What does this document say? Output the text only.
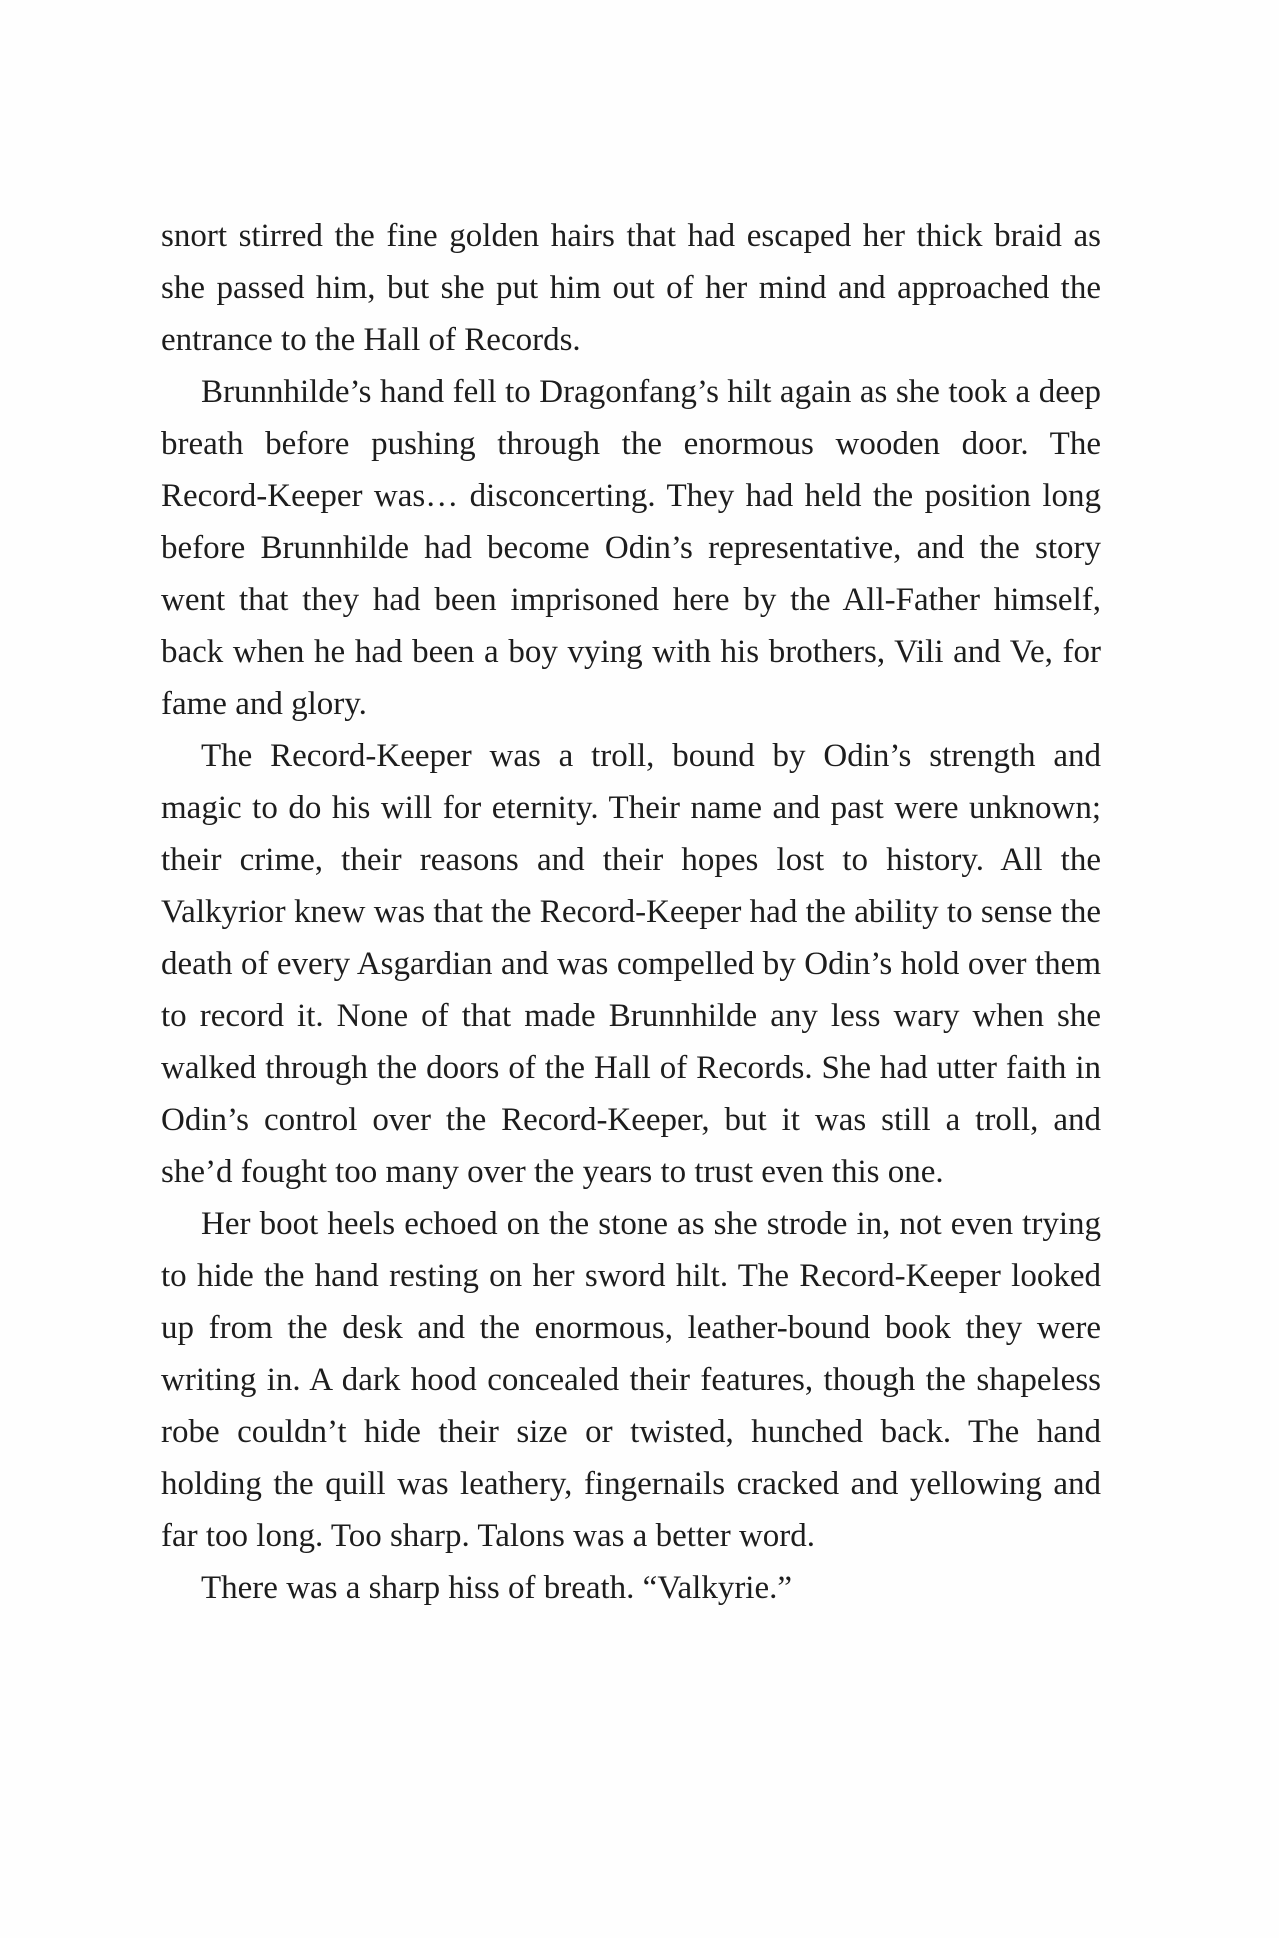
snort stirred the fine golden hairs that had escaped her thick braid as she passed him, but she put him out of her mind and approached the entrance to the Hall of Records.

Brunnhilde’s hand fell to Dragonfang’s hilt again as she took a deep breath before pushing through the enormous wooden door. The Record-Keeper was… disconcerting. They had held the position long before Brunnhilde had become Odin’s representative, and the story went that they had been imprisoned here by the All-Father himself, back when he had been a boy vying with his brothers, Vili and Ve, for fame and glory.

The Record-Keeper was a troll, bound by Odin’s strength and magic to do his will for eternity. Their name and past were unknown; their crime, their reasons and their hopes lost to history. All the Valkyrior knew was that the Record-Keeper had the ability to sense the death of every Asgardian and was compelled by Odin’s hold over them to record it. None of that made Brunnhilde any less wary when she walked through the doors of the Hall of Records. She had utter faith in Odin’s control over the Record-Keeper, but it was still a troll, and she’d fought too many over the years to trust even this one.

Her boot heels echoed on the stone as she strode in, not even trying to hide the hand resting on her sword hilt. The Record-Keeper looked up from the desk and the enormous, leather-bound book they were writing in. A dark hood concealed their features, though the shapeless robe couldn’t hide their size or twisted, hunched back. The hand holding the quill was leathery, fingernails cracked and yellowing and far too long. Too sharp. Talons was a better word.

There was a sharp hiss of breath. “Valkyrie.”
